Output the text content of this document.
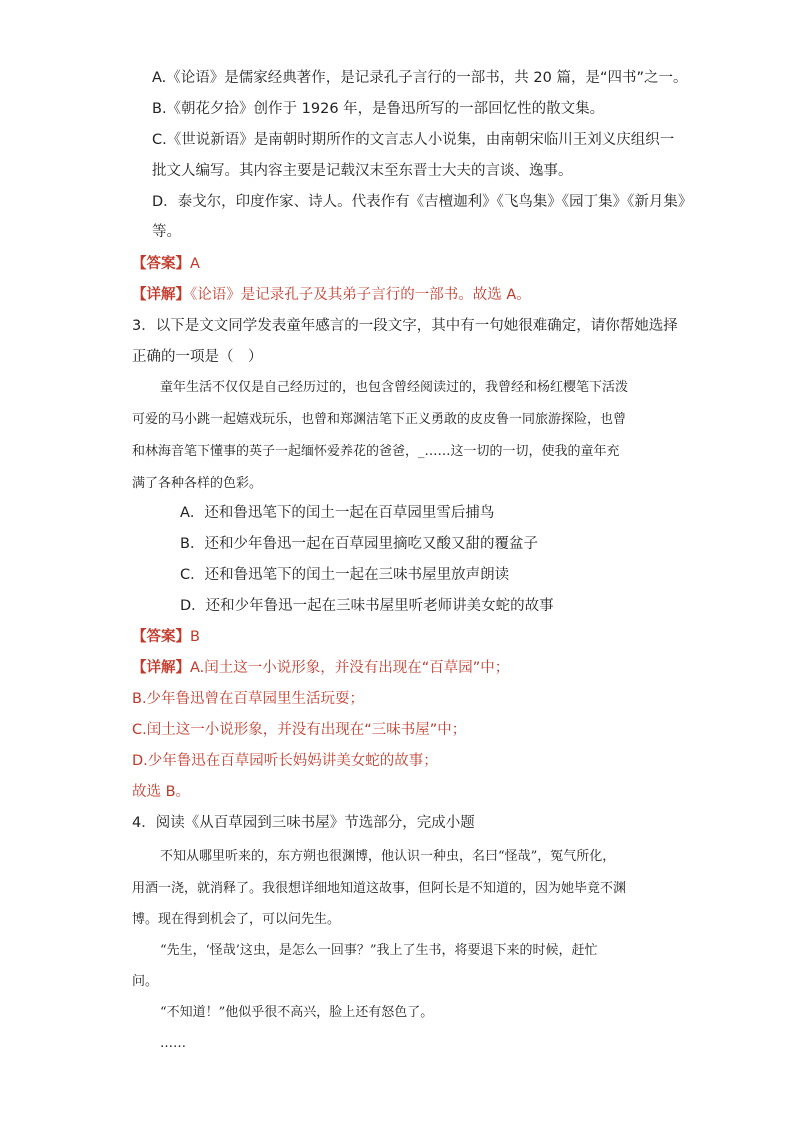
A.《论语》是儒家经典著作，是记录孔子言行的一部书，共 20 篇，是“四书”之一。
B.《朝花夕拾》创作于 1926 年，是鲁迅所写的一部回忆性的散文集。
C.《世说新语》是南朝时期所作的文言志人小说集，由南朝宋临川王刘义庆组织一
批文人编写。其内容主要是记载汉末至东晋士大夫的言谈、逸事。
D．泰戈尔，印度作家、诗人。代表作有《吉檀迦利》《飞鸟集》《园丁集》《新月集》
等。
【答案】A
【详解】《论语》是记录孔子及其弟子言行的一部书。故选 A。
3．以下是文文同学发表童年感言的一段文字，其中有一句她很难确定，请你帮她选择
正确的一项是（　）
童年生活不仅仅是自己经历过的，也包含曾经阅读过的，我曾经和杨红樱笔下活泼
可爱的马小跳一起嬉戏玩乐，也曾和郑渊洁笔下正义勇敢的皮皮鲁一同旅游探险，也曾
和林海音笔下懂事的英子一起缅怀爱养花的爸爸，_……这一切的一切，使我的童年充
满了各种各样的色彩。
A．还和鲁迅笔下的闰土一起在百草园里雪后捕鸟
B．还和少年鲁迅一起在百草园里摘吃又酸又甜的覆盆子
C．还和鲁迅笔下的闰土一起在三味书屋里放声朗读
D．还和少年鲁迅一起在三味书屋里听老师讲美女蛇的故事
【答案】B
【详解】A.闰土这一小说形象，并没有出现在“百草园”中；
B.少年鲁迅曾在百草园里生活玩耍；
C.闰土这一小说形象，并没有出现在“三味书屋”中；
D.少年鲁迅在百草园听长妈妈讲美女蛇的故事；
故选 B。
4．阅读《从百草园到三味书屋》节选部分，完成小题
不知从哪里听来的，东方朔也很渊博，他认识一种虫，名曰“怪哉”，冤气所化，
用酒一浇，就消释了。我很想详细地知道这故事，但阿长是不知道的，因为她毕竟不渊
博。现在得到机会了，可以问先生。
“先生，‘怪哉’这虫，是怎么一回事？”我上了生书，将要退下来的时候，赶忙
问。
“不知道！”他似乎很不高兴，脸上还有怒色了。
……
